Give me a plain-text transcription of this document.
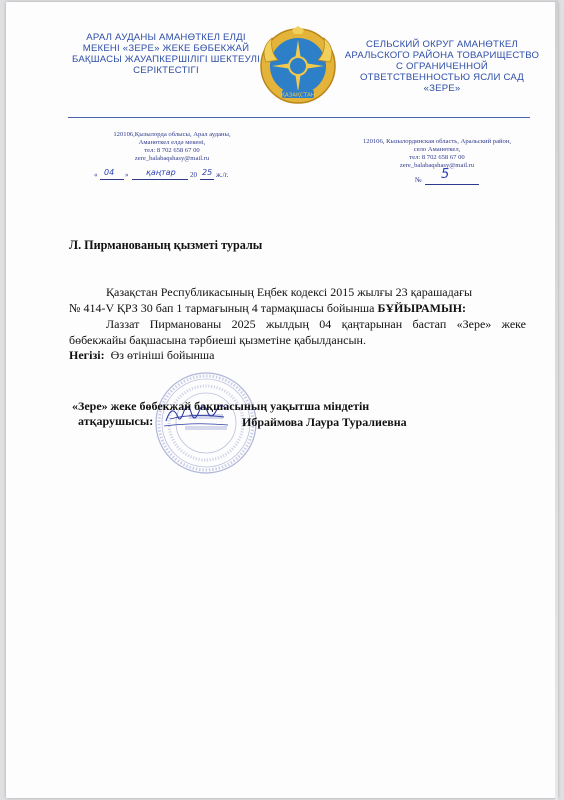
АРАЛ АУДАНЫ АМАНӨТКЕЛ ЕЛДІ МЕКЕНІ «ЗЕРЕ» ЖЕКЕ БӨБЕКЖАЙ БАҚШАСЫ ЖАУАПКЕРШІЛІГІ ШЕКТЕУЛІ СЕРІКТЕСТІГІ
ҚАЗАҚСТАН
СЕЛЬСКИЙ ОКРУГ АМАНӨТКЕЛ АРАЛЬСКОГО РАЙОНА ТОВАРИЩЕСТВО С ОГРАНИЧЕННОЙ ОТВЕТСТВЕННОСТЬЮ ЯСЛИ САД «ЗЕРЕ»
120106,Қызылорда облысы, Арал ауданы,
Аманөткел елдә мекені,
тел: 8 702 658 67 00
zere_balabaqshasy@mail.ru
120106, Кызылординская область, Аральский район,
село Аманөткел,
тел: 8 702 658 67 00
zere_balabaqshasy@mail.ru
« 04 » қаңтар 20 25 ж./г.
№ 5
Л. Пирманованың қызметі туралы
Қазақстан Республикасының Еңбек кодексі 2015 жылғы 23 қарашадағы
№ 414-V ҚРЗ 30 бап 1 тармағының 4 тармақшасы бойынша БҰЙЫРАМЫН:
Лаззат Пирманованы 2025 жылдың 04 қаңтарынан бастап «Зере» жеке бөбекжайы бақшасына тәрбиеші қызметіне қабылдансын.
Негізі: Өз өтініші бойынша
«Зере» жеке бөбекжай бақшасының уақытша міндетін
атқарушысы:	Ибраймова Лаура Туралиевна
